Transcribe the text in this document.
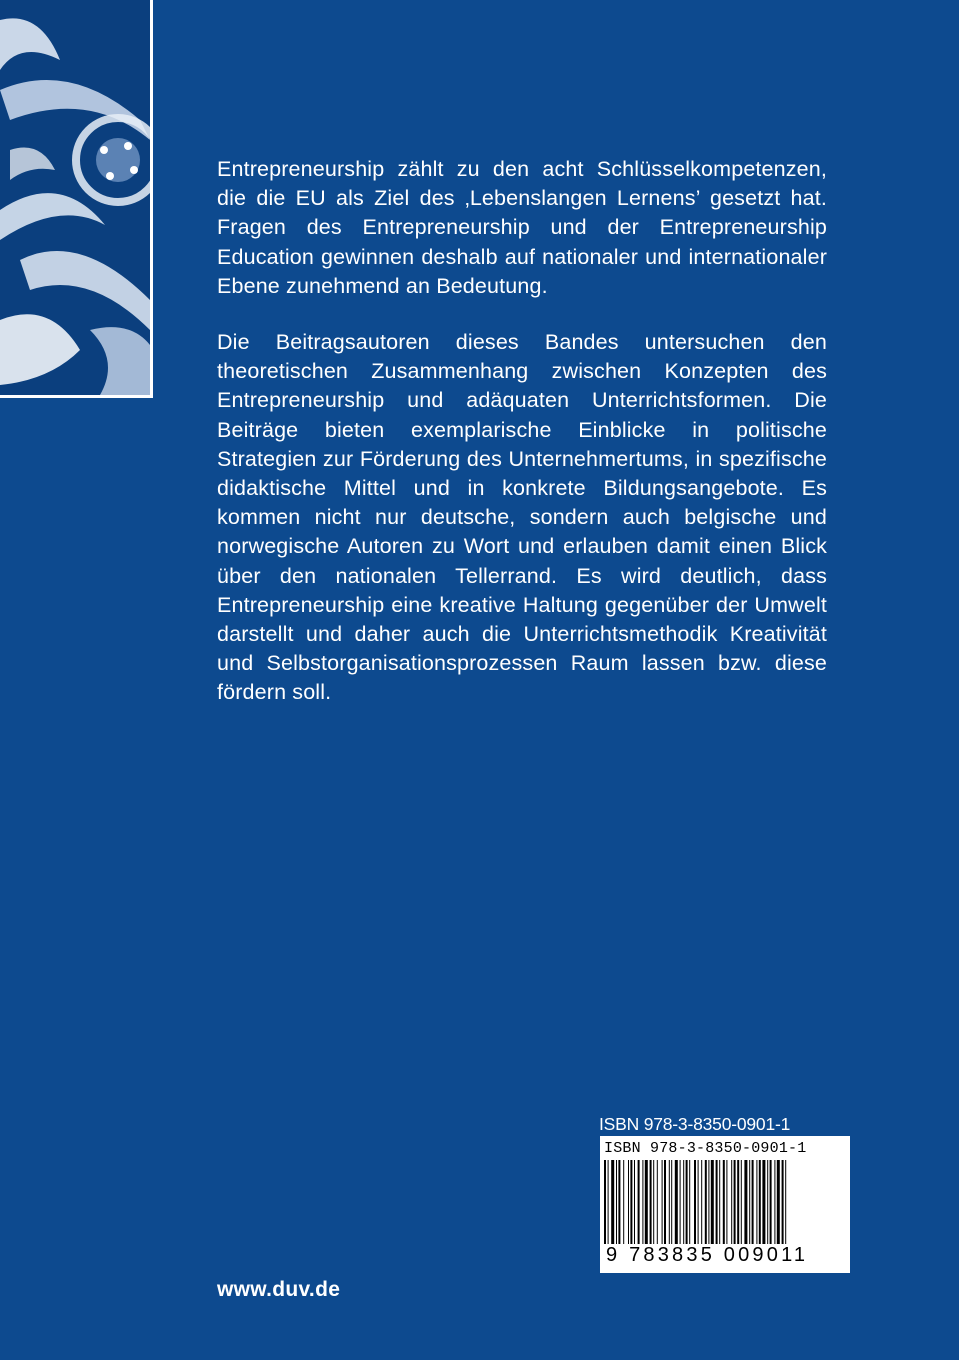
Entrepreneurship zählt zu den acht Schlüsselkompetenzen, die die EU als Ziel des ‚Lebenslangen Lernens’ gesetzt hat. Fragen des Entrepreneurship und der Entrepreneurship Education gewinnen deshalb auf nationaler und internationaler Ebene zunehmend an Bedeutung.

Die Beitragsautoren dieses Bandes untersuchen den theoretischen Zusammenhang zwischen Konzepten des Entrepreneurship und adäquaten Unterrichtsformen. Die Beiträge bieten exemplarische Einblicke in politische Strategien zur Förderung des Unternehmertums, in spezifische didaktische Mittel und in konkrete Bildungsangebote. Es kommen nicht nur deutsche, sondern auch belgische und norwegische Autoren zu Wort und erlauben damit einen Blick über den nationalen Tellerrand. Es wird deutlich, dass Entrepreneurship eine kreative Haltung gegenüber der Umwelt darstellt und daher auch die Unterrichtsmethodik Kreativität und Selbstorganisationsprozessen Raum lassen bzw. diese fördern soll.

ISBN 978-3-8350-0901-1
ISBN 978-3-8350-0901-1
9 783835 009011
www.duv.de
